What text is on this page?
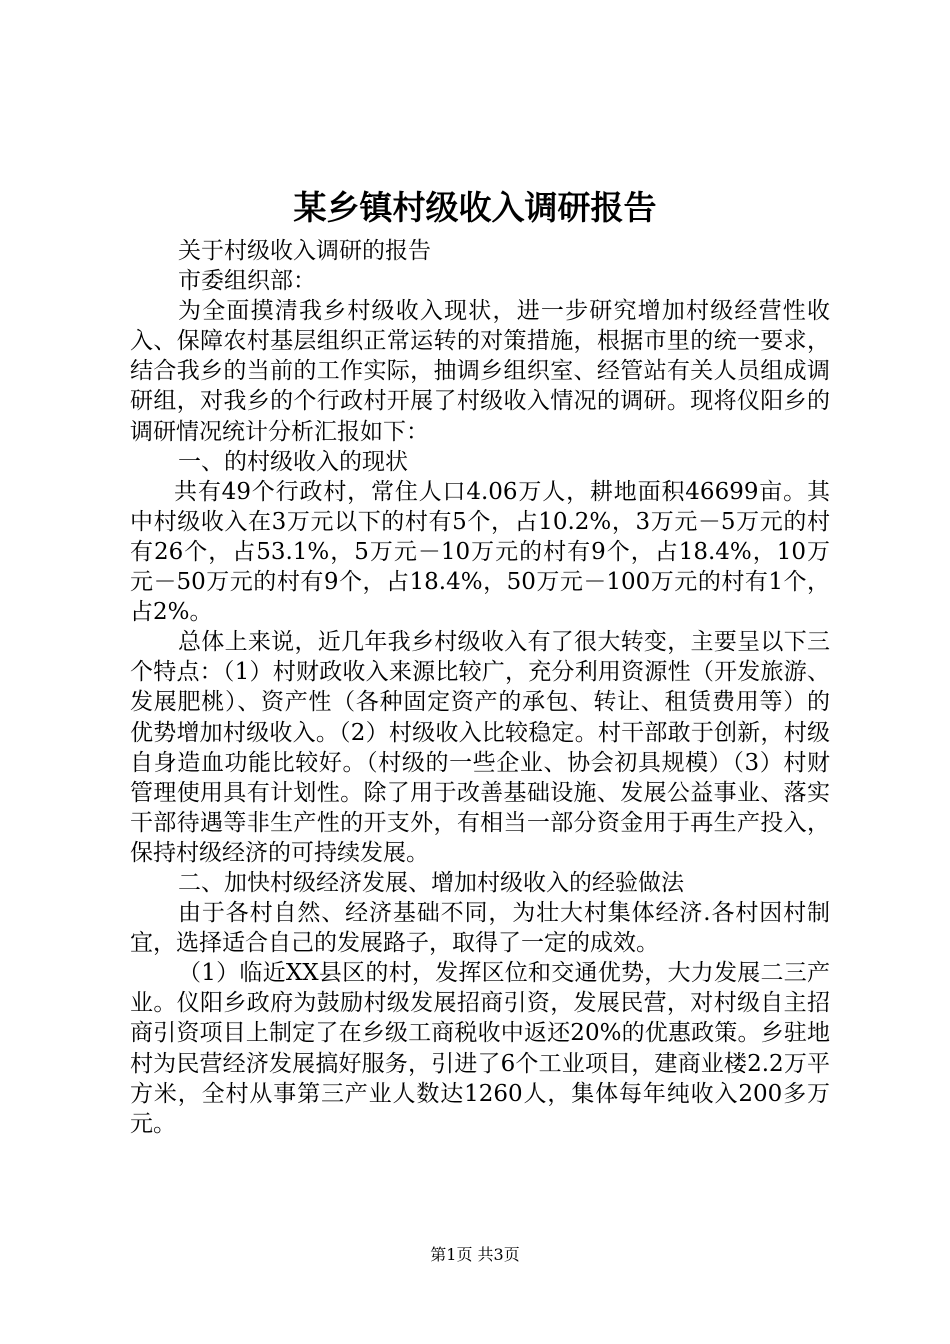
某乡镇村级收入调研报告

关于村级收入调研的报告

市委组织部：

为全面摸清我乡村级收入现状，进一步研究增加村级经营性收入、保障农村基层组织正常运转的对策措施，根据市里的统一要求，结合我乡的当前的工作实际，抽调乡组织室、经管站有关人员组成调研组，对我乡的个行政村开展了村级收入情况的调研。现将仪阳乡的调研情况统计分析汇报如下：

一、的村级收入的现状

共有49个行政村，常住人口4.06万人，耕地面积46699亩。其中村级收入在3万元以下的村有5个，占10.2%，3万元－5万元的村有26个，占53.1%，5万元－10万元的村有9个，占18.4%，10万元－50万元的村有9个，占18.4%，50万元－100万元的村有1个，占2%。

总体上来说，近几年我乡村级收入有了很大转变，主要呈以下三个特点：（1）村财政收入来源比较广，充分利用资源性（开发旅游、发展肥桃）、资产性（各种固定资产的承包、转让、租赁费用等）的优势增加村级收入。（2）村级收入比较稳定。村干部敢于创新，村级自身造血功能比较好。（村级的一些企业、协会初具规模）（3）村财管理使用具有计划性。除了用于改善基础设施、发展公益事业、落实干部待遇等非生产性的开支外，有相当一部分资金用于再生产投入，保持村级经济的可持续发展。

二、加快村级经济发展、增加村级收入的经验做法

由于各村自然、经济基础不同，为壮大村集体经济.各村因村制宜，选择适合自己的发展路子，取得了一定的成效。

（1）临近XX县区的村，发挥区位和交通优势，大力发展二三产业。仪阳乡政府为鼓励村级发展招商引资，发展民营，对村级自主招商引资项目上制定了在乡级工商税收中返还20%的优惠政策。乡驻地村为民营经济发展搞好服务，引进了6个工业项目，建商业楼2.2万平方米，全村从事第三产业人数达1260人，集体每年纯收入200多万元。

第1页 共3页
